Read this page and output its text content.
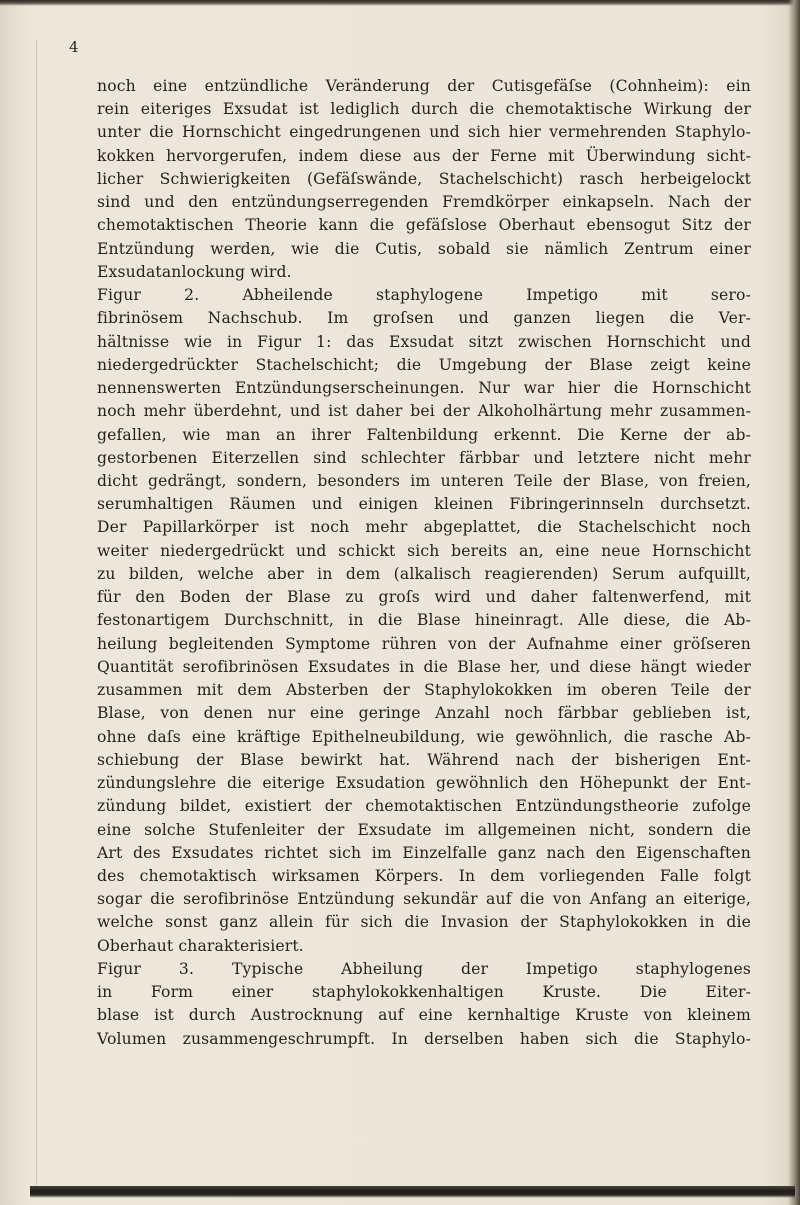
4
noch eine entzündliche Veränderung der Cutisgefäſse (Cohnheim): ein
rein eiteriges Exsudat ist lediglich durch die chemotaktische Wirkung der
unter die Hornschicht eingedrungenen und sich hier vermehrenden Staphylo-
kokken hervorgerufen, indem diese aus der Ferne mit Überwindung sicht-
licher Schwierigkeiten (Gefäſswände, Stachelschicht) rasch herbeigelockt
sind und den entzündungserregenden Fremdkörper einkapseln. Nach der
chemotaktischen Theorie kann die gefäſslose Oberhaut ebensogut Sitz der
Entzündung werden, wie die Cutis, sobald sie nämlich Zentrum einer
Exsudatanlockung wird.
Figur 2. Abheilende staphylogene Impetigo mit sero-
fibrinösem Nachschub. Im groſsen und ganzen liegen die Ver-
hältnisse wie in Figur 1: das Exsudat sitzt zwischen Hornschicht und
niedergedrückter Stachelschicht; die Umgebung der Blase zeigt keine
nennenswerten Entzündungserscheinungen. Nur war hier die Hornschicht
noch mehr überdehnt, und ist daher bei der Alkoholhärtung mehr zusammen-
gefallen, wie man an ihrer Faltenbildung erkennt. Die Kerne der ab-
gestorbenen Eiterzellen sind schlechter färbbar und letztere nicht mehr
dicht gedrängt, sondern, besonders im unteren Teile der Blase, von freien,
serumhaltigen Räumen und einigen kleinen Fibringerinnseln durchsetzt.
Der Papillarkörper ist noch mehr abgeplattet, die Stachelschicht noch
weiter niedergedrückt und schickt sich bereits an, eine neue Hornschicht
zu bilden, welche aber in dem (alkalisch reagierenden) Serum aufquillt,
für den Boden der Blase zu groſs wird und daher faltenwerfend, mit
festonartigem Durchschnitt, in die Blase hineinragt. Alle diese, die Ab-
heilung begleitenden Symptome rühren von der Aufnahme einer gröſseren
Quantität serofibrinösen Exsudates in die Blase her, und diese hängt wieder
zusammen mit dem Absterben der Staphylokokken im oberen Teile der
Blase, von denen nur eine geringe Anzahl noch färbbar geblieben ist,
ohne daſs eine kräftige Epithelneubildung, wie gewöhnlich, die rasche Ab-
schiebung der Blase bewirkt hat. Während nach der bisherigen Ent-
zündungslehre die eiterige Exsudation gewöhnlich den Höhepunkt der Ent-
zündung bildet, existiert der chemotaktischen Entzündungstheorie zufolge
eine solche Stufenleiter der Exsudate im allgemeinen nicht, sondern die
Art des Exsudates richtet sich im Einzelfalle ganz nach den Eigenschaften
des chemotaktisch wirksamen Körpers. In dem vorliegenden Falle folgt
sogar die serofibrinöse Entzündung sekundär auf die von Anfang an eiterige,
welche sonst ganz allein für sich die Invasion der Staphylokokken in die
Oberhaut charakterisiert.
Figur 3. Typische Abheilung der Impetigo staphylogenes
in Form einer staphylokokkenhaltigen Kruste. Die Eiter-
blase ist durch Austrocknung auf eine kernhaltige Kruste von kleinem
Volumen zusammengeschrumpft. In derselben haben sich die Staphylo-
